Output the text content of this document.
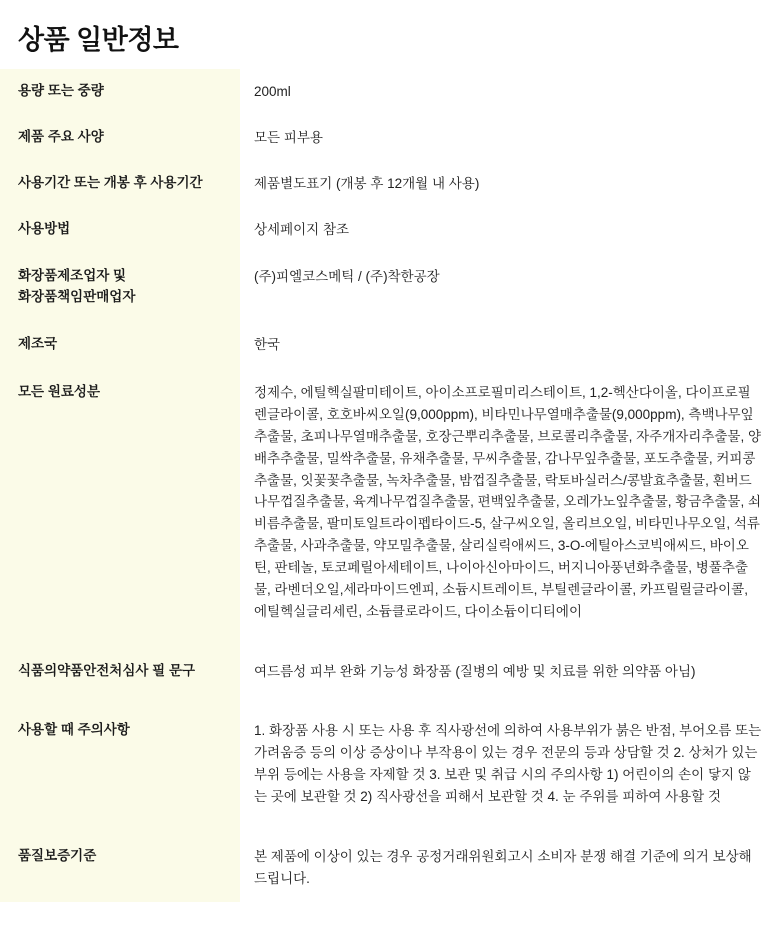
상품 일반정보
용량 또는 중량	200ml

제품 주요 사양	모든 피부용

사용기간 또는 개봉 후 사용기간	제품별도표기 (개봉 후 12개월 내 사용)

사용방법	상세페이지 참조

화장품제조업자 및
화장품책임판매업자	(주)피엘코스메틱 / (주)착한공장

제조국	한국

모든 원료성분	정제수, 에틸헥실팔미테이트, 아이소프로필미리스테이트, 1,2-헥산다이올, 다이프로필렌글라이콜, 호호바씨오일(9,000ppm), 비타민나무열매추출물(9,000ppm), 측백나무잎추출물, 초피나무열매추출물, 호장근뿌리추출물, 브로콜리추출물, 자주개자리추출물, 양배추추출물, 밀싹추출물, 유채추출물, 무씨추출물, 감나무잎추출물, 포도추출물, 커피콩추출물, 잇꽃꽃추출물, 녹차추출물, 밤껍질추출물, 락토바실러스/콩발효추출물, 흰버드나무껍질추출물, 육계나무껍질추출물, 편백잎추출물, 오레가노잎추출물, 황금추출물, 쇠비름추출물, 팔미토일트라이펩타이드-5, 살구씨오일, 올리브오일, 비타민나무오일, 석류추출물, 사과추출물, 약모밀추출물, 살리실릭애씨드, 3-O-에틸아스코빅애씨드, 바이오틴, 판테놀, 토코페릴아세테이트, 나이아신아마이드, 버지니아풍년화추출물, 병풀추출물, 라벤더오일,세라마이드엔피, 소듐시트레이트, 부틸렌글라이콜, 카프릴릴글라이콜, 에틸헥실글리세린, 소듐클로라이드, 다이소듐이디티에이

식품의약품안전처심사 필 문구	여드름성 피부 완화 기능성 화장품 (질병의 예방 및 치료를 위한 의약품 아님)

사용할 때 주의사항	1. 화장품 사용 시 또는 사용 후 직사광선에 의하여 사용부위가 붉은 반점, 부어오름 또는 가려움증 등의 이상 증상이나 부작용이 있는 경우 전문의 등과 상담할 것 2. 상처가 있는 부위 등에는 사용을 자제할 것 3. 보관 및 취급 시의 주의사항 1) 어린이의 손이 닿지 않는 곳에 보관할 것 2) 직사광선을 피해서 보관할 것 4. 눈 주위를 피하여 사용할 것

품질보증기준	본 제품에 이상이 있는 경우 공정거래위원회고시 소비자 분쟁 해결 기준에 의거 보상해 드립니다.
